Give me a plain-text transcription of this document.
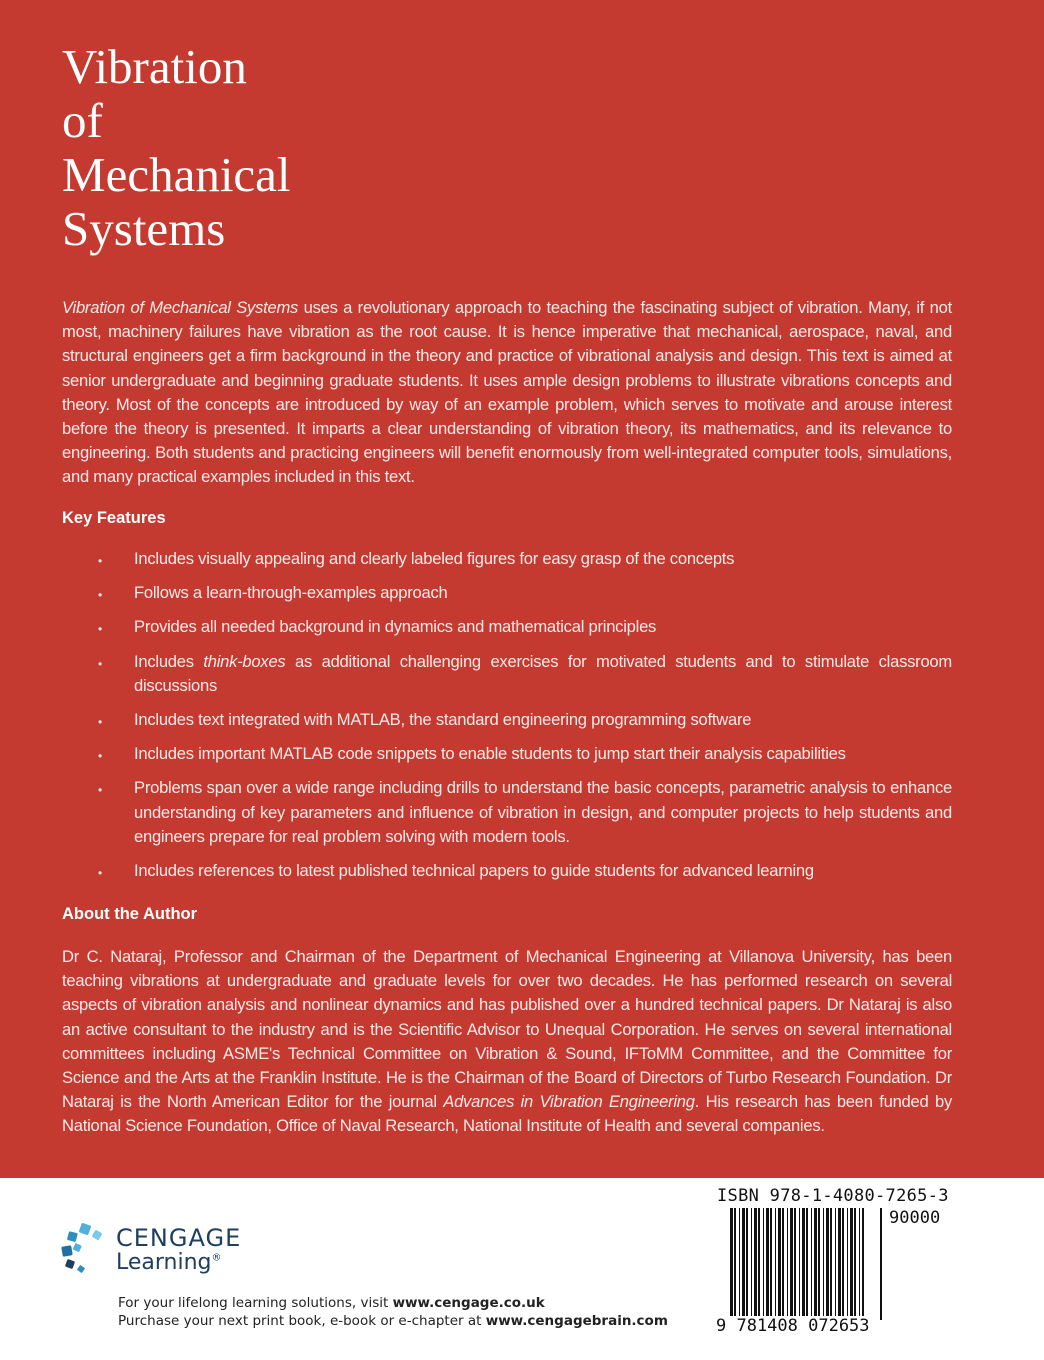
Vibration
of
Mechanical
Systems

Vibration of Mechanical Systems uses a revolutionary approach to teaching the fascinating subject of vibration. Many, if not most, machinery failures have vibration as the root cause. It is hence imperative that mechanical, aerospace, naval, and structural engineers get a firm background in the theory and practice of vibrational analysis and design. This text is aimed at senior undergraduate and beginning graduate students. It uses ample design problems to illustrate vibrations concepts and theory. Most of the concepts are introduced by way of an example problem, which serves to motivate and arouse interest before the theory is presented. It imparts a clear understanding of vibration theory, its mathematics, and its relevance to engineering. Both students and practicing engineers will benefit enormously from well-integrated computer tools, simulations, and many practical examples included in this text.

Key Features
• Includes visually appealing and clearly labeled figures for easy grasp of the concepts
• Follows a learn-through-examples approach
• Provides all needed background in dynamics and mathematical principles
• Includes think-boxes as additional challenging exercises for motivated students and to stimulate classroom discussions
• Includes text integrated with MATLAB, the standard engineering programming software
• Includes important MATLAB code snippets to enable students to jump start their analysis capabilities
• Problems span over a wide range including drills to understand the basic concepts, parametric analysis to enhance understanding of key parameters and influence of vibration in design, and computer projects to help students and engineers prepare for real problem solving with modern tools.
• Includes references to latest published technical papers to guide students for advanced learning
About the Author

Dr C. Nataraj, Professor and Chairman of the Department of Mechanical Engineering at Villanova University, has been teaching vibrations at undergraduate and graduate levels for over two decades. He has performed research on several aspects of vibration analysis and nonlinear dynamics and has published over a hundred technical papers. Dr Nataraj is also an active consultant to the industry and is the Scientific Advisor to Unequal Corporation. He serves on several international committees including ASME's Technical Committee on Vibration & Sound, IFToMM Committee, and the Committee for Science and the Arts at the Franklin Institute. He is the Chairman of the Board of Directors of Turbo Research Foundation. Dr Nataraj is the North American Editor for the journal Advances in Vibration Engineering. His research has been funded by National Science Foundation, Office of Naval Research, National Institute of Health and several companies.

CENGAGE
Learning®
For your lifelong learning solutions, visit www.cengage.co.uk
Purchase your next print book, e-book or e-chapter at www.cengagebrain.com
ISBN 978-1-4080-7265-3
90000
9 781408 072653
